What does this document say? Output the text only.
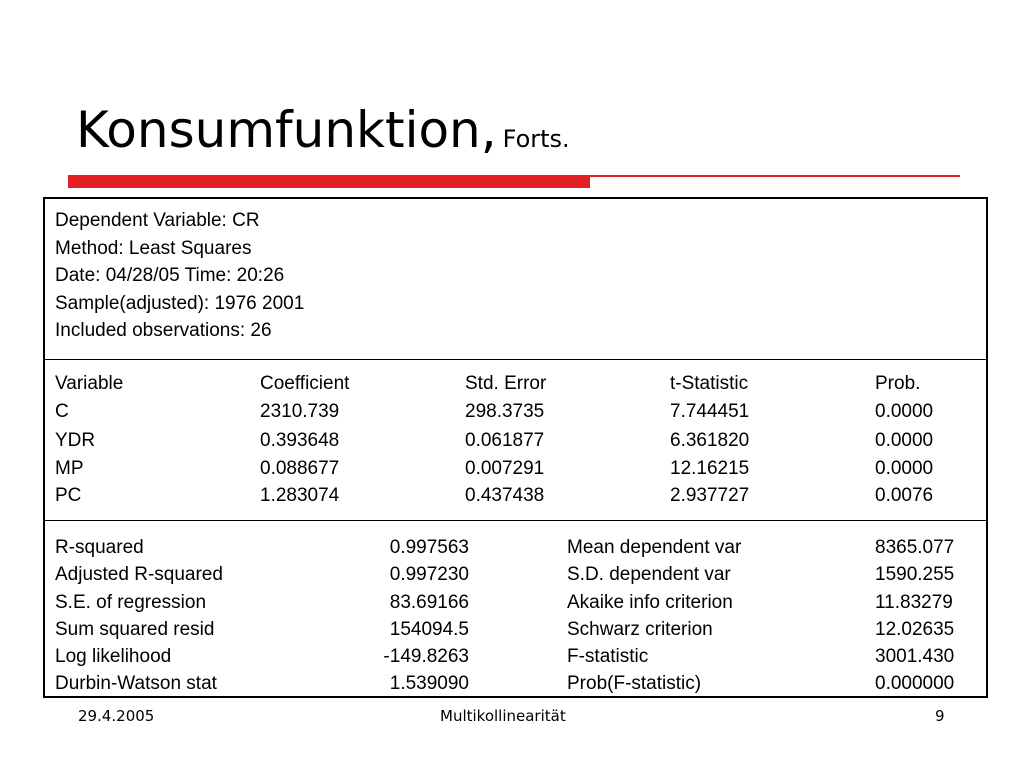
Konsumfunktion, Forts.
Dependent Variable: CR
Method: Least Squares
Date: 04/28/05 Time: 20:26
Sample(adjusted): 1976 2001
Included observations: 26
Variable	Coefficient	Std. Error	t-Statistic	Prob.
C	2310.739	298.3735	7.744451	0.0000
YDR	0.393648	0.061877	6.361820	0.0000
MP	0.088677	0.007291	12.16215	0.0000
PC	1.283074	0.437438	2.937727	0.0076
R-squared	0.997563	Mean dependent var	8365.077
Adjusted R-squared	0.997230	S.D. dependent var	1590.255
S.E. of regression	83.69166	Akaike info criterion	11.83279
Sum squared resid	154094.5	Schwarz criterion	12.02635
Log likelihood	-149.8263	F-statistic	3001.430
Durbin-Watson stat	1.539090	Prob(F-statistic)	0.000000
29.4.2005	Multikollinearität	9
